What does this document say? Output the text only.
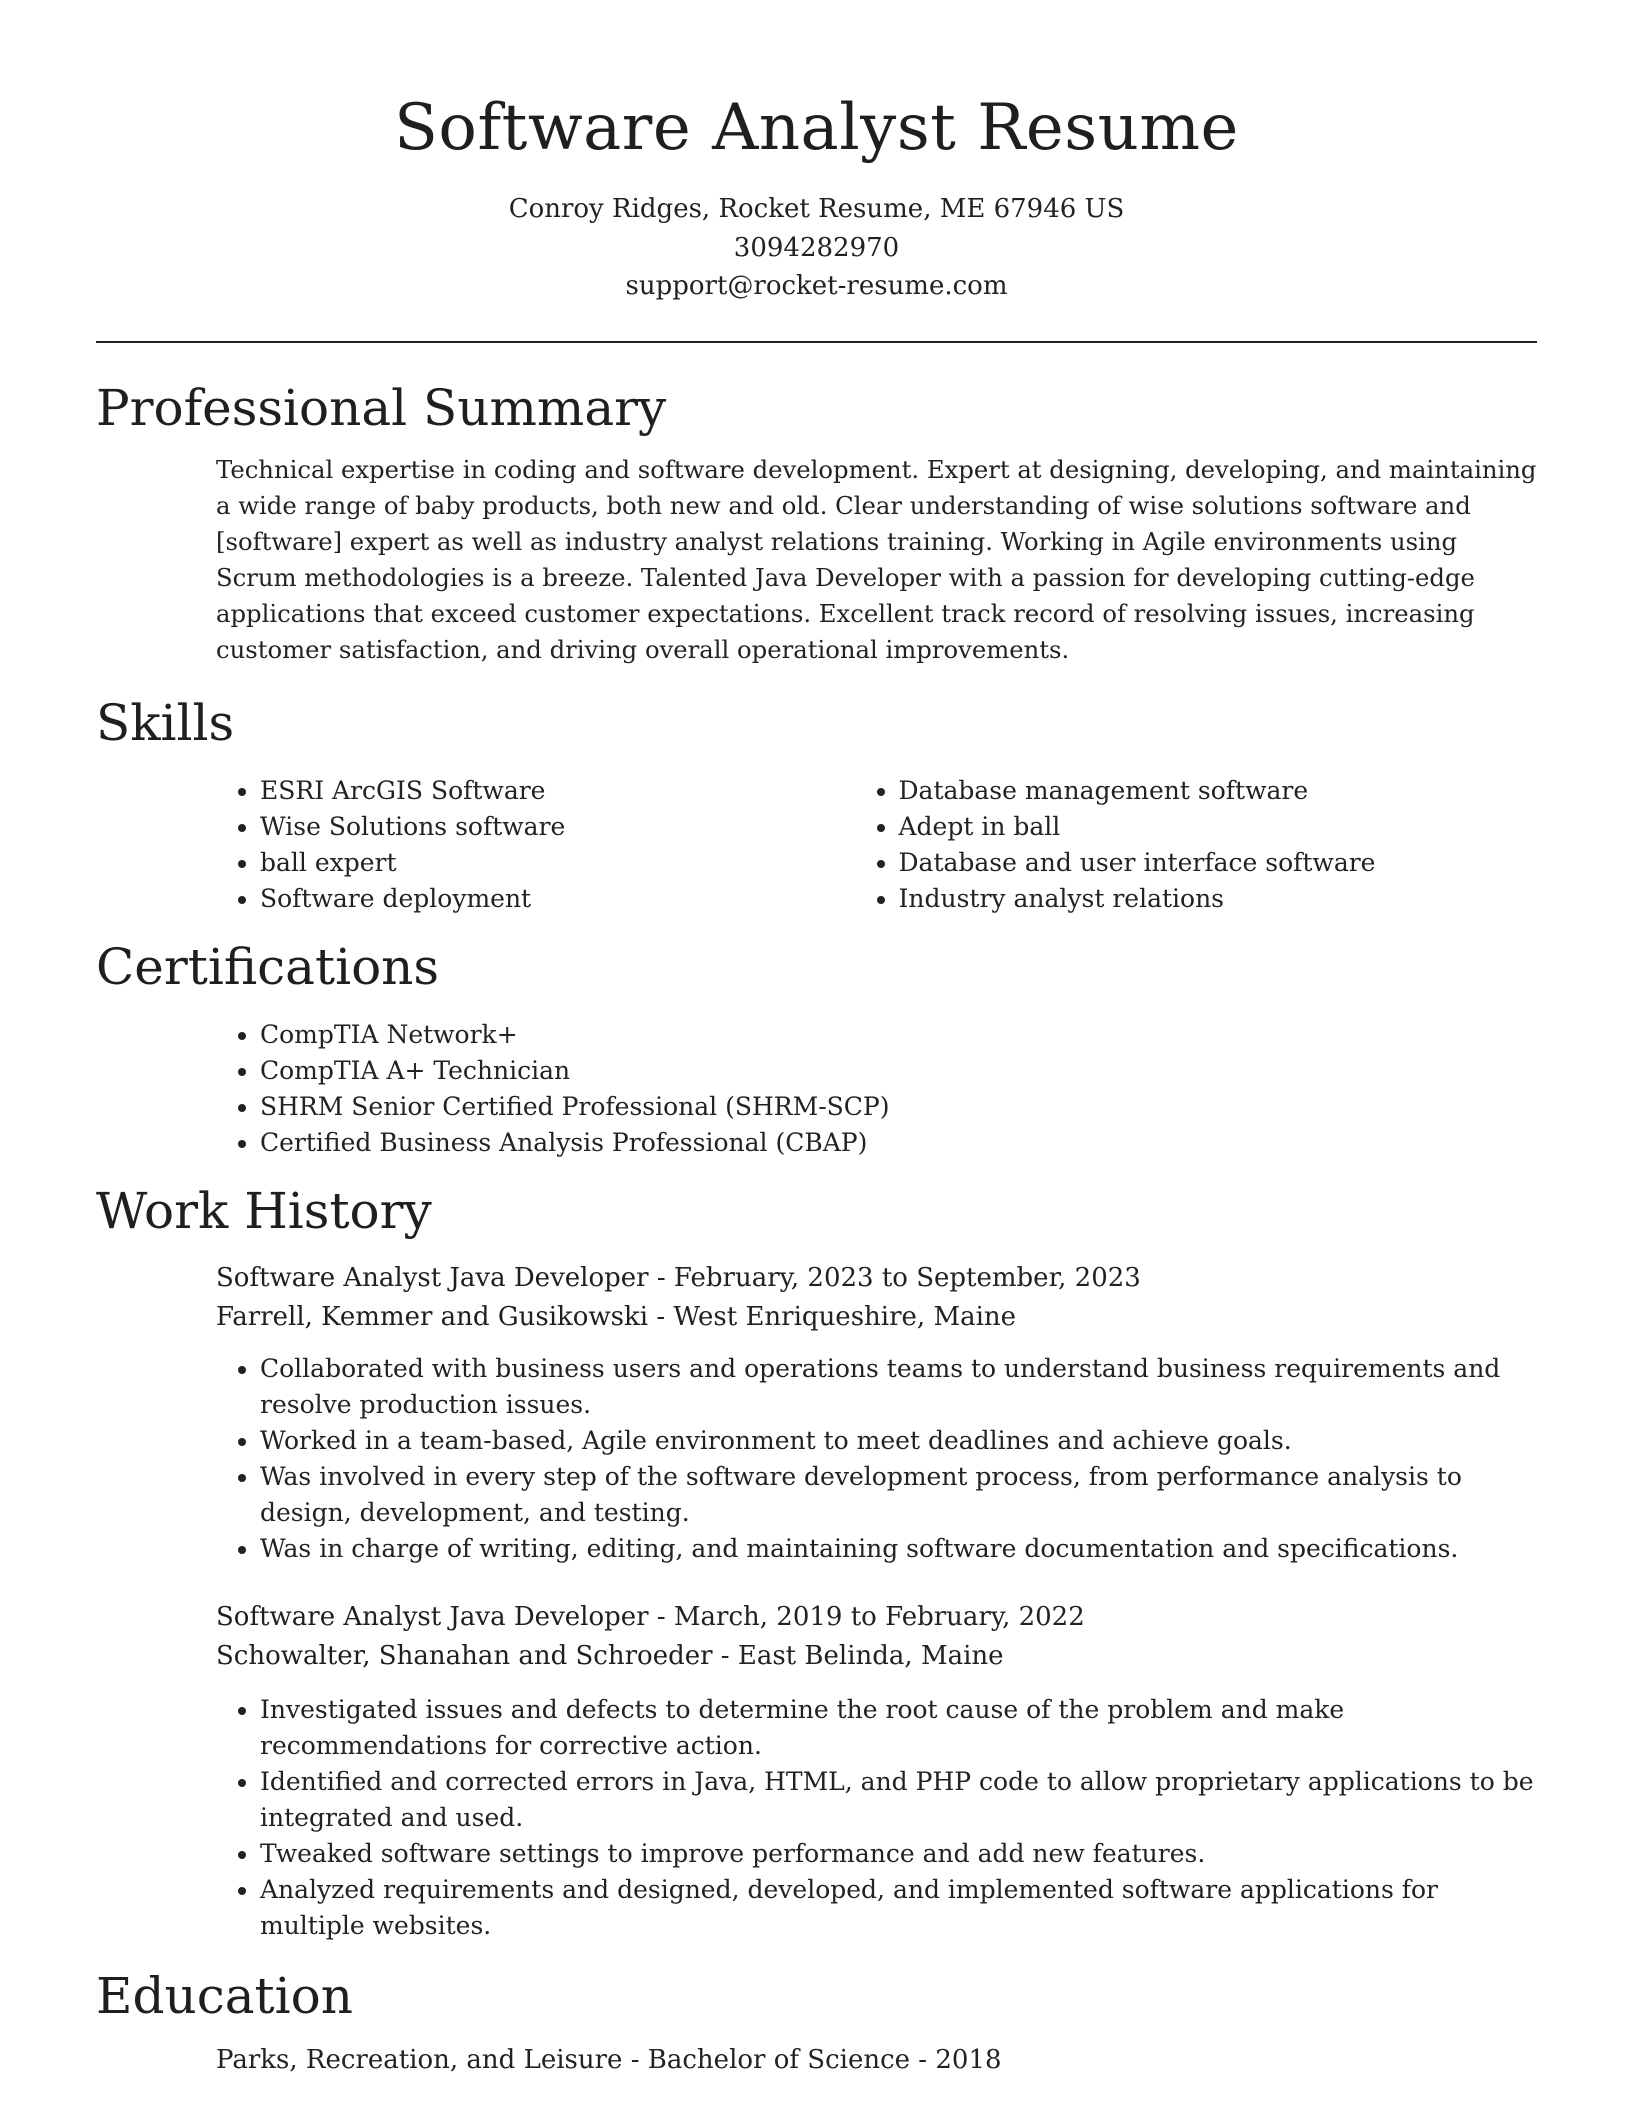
Software Analyst Resume
Conroy Ridges, Rocket Resume, ME 67946 US
3094282970
support@rocket-resume.com
Professional Summary
Technical expertise in coding and software development. Expert at designing, developing, and maintaining a wide range of baby products, both new and old. Clear understanding of wise solutions software and [software] expert as well as industry analyst relations training. Working in Agile environments using Scrum methodologies is a breeze. Talented Java Developer with a passion for developing cutting-edge applications that exceed customer expectations. Excellent track record of resolving issues, increasing customer satisfaction, and driving overall operational improvements.
Skills
• ESRI ArcGIS Software
• Wise Solutions software
• ball expert
• Software deployment
• Database management software
• Adept in ball
• Database and user interface software
• Industry analyst relations
Certifications
• CompTIA Network+
• CompTIA A+ Technician
• SHRM Senior Certified Professional (SHRM-SCP)
• Certified Business Analysis Professional (CBAP)
Work History
Software Analyst Java Developer - February, 2023 to September, 2023
Farrell, Kemmer and Gusikowski - West Enriqueshire, Maine
• Collaborated with business users and operations teams to understand business requirements and resolve production issues.
• Worked in a team-based, Agile environment to meet deadlines and achieve goals.
• Was involved in every step of the software development process, from performance analysis to design, development, and testing.
• Was in charge of writing, editing, and maintaining software documentation and specifications.
Software Analyst Java Developer - March, 2019 to February, 2022
Schowalter, Shanahan and Schroeder - East Belinda, Maine
• Investigated issues and defects to determine the root cause of the problem and make recommendations for corrective action.
• Identified and corrected errors in Java, HTML, and PHP code to allow proprietary applications to be integrated and used.
• Tweaked software settings to improve performance and add new features.
• Analyzed requirements and designed, developed, and implemented software applications for multiple websites.
Education
Parks, Recreation, and Leisure - Bachelor of Science - 2018
